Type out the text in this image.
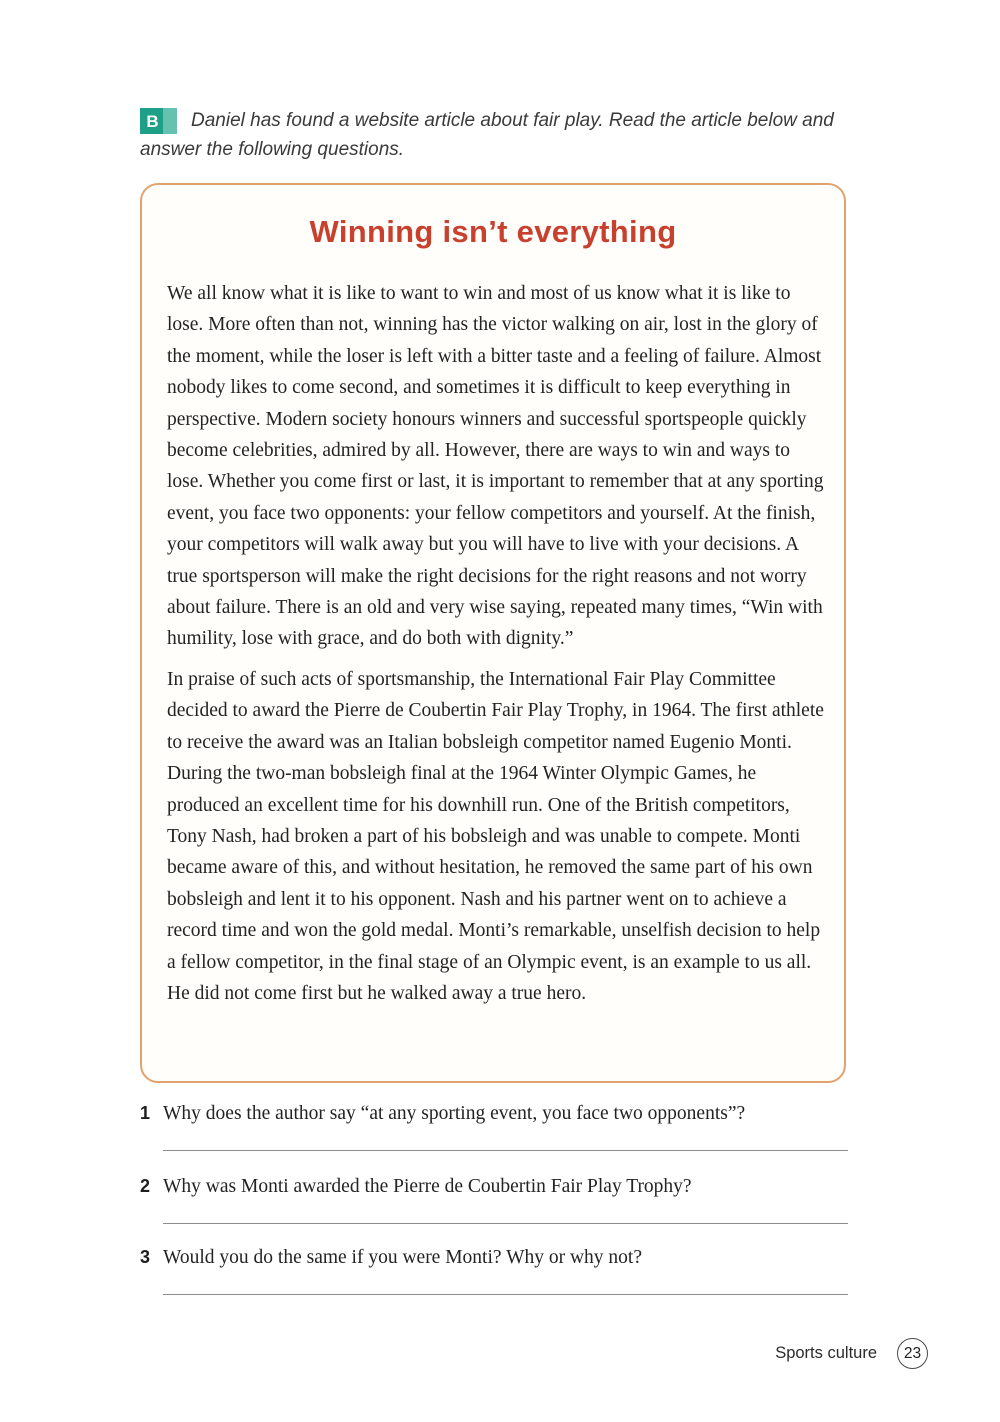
B	Daniel has found a website article about fair play. Read the article below and answer the following questions.
Winning isn’t everything

We all know what it is like to want to win and most of us know what it is like to lose. More often than not, winning has the victor walking on air, lost in the glory of the moment, while the loser is left with a bitter taste and a feeling of failure. Almost nobody likes to come second, and sometimes it is difficult to keep everything in perspective. Modern society honours winners and successful sportspeople quickly become celebrities, admired by all. However, there are ways to win and ways to lose. Whether you come first or last, it is important to remember that at any sporting event, you face two opponents: your fellow competitors and yourself. At the finish, your competitors will walk away but you will have to live with your decisions. A true sportsperson will make the right decisions for the right reasons and not worry about failure. There is an old and very wise saying, repeated many times, “Win with humility, lose with grace, and do both with dignity.”

In praise of such acts of sportsmanship, the International Fair Play Committee decided to award the Pierre de Coubertin Fair Play Trophy, in 1964. The first athlete to receive the award was an Italian bobsleigh competitor named Eugenio Monti. During the two-man bobsleigh final at the 1964 Winter Olympic Games, he produced an excellent time for his downhill run. One of the British competitors, Tony Nash, had broken a part of his bobsleigh and was unable to compete. Monti became aware of this, and without hesitation, he removed the same part of his own bobsleigh and lent it to his opponent. Nash and his partner went on to achieve a record time and won the gold medal. Monti’s remarkable, unselfish decision to help a fellow competitor, in the final stage of an Olympic event, is an example to us all. He did not come first but he walked away a true hero.

1 Why does the author say “at any sporting event, you face two opponents”?
2 Why was Monti awarded the Pierre de Coubertin Fair Play Trophy?
3 Would you do the same if you were Monti? Why or why not?
Sports culture	23
